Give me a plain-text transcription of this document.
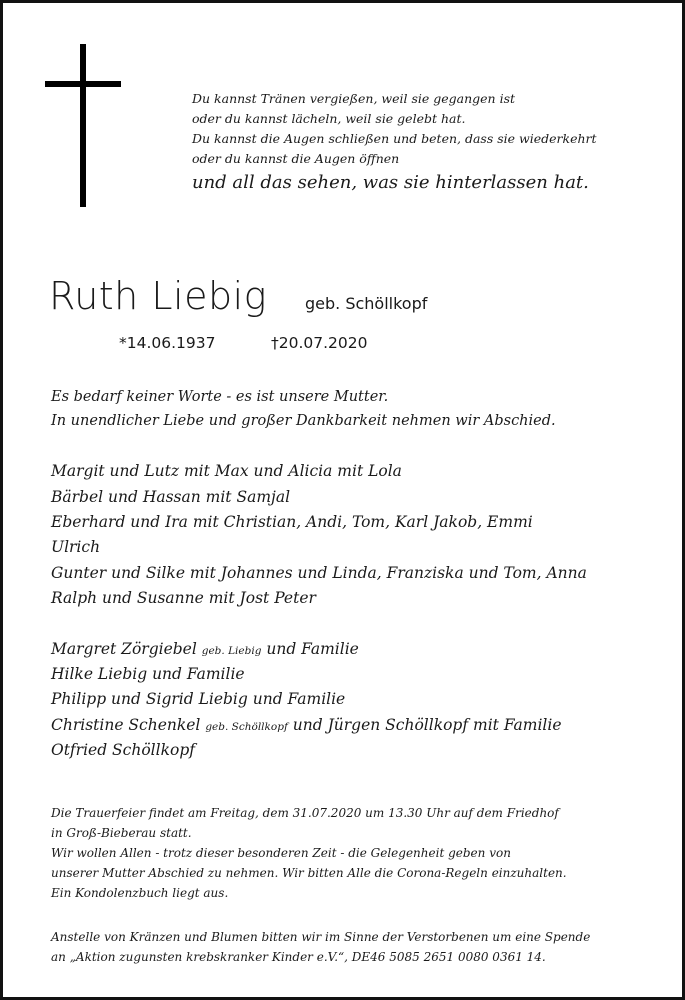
Du kannst Tränen vergießen, weil sie gegangen ist
oder du kannst lächeln, weil sie gelebt hat.
Du kannst die Augen schließen und beten, dass sie wiederkehrt
oder du kannst die Augen öffnen
und all das sehen, was sie hinterlassen hat.
Ruth Liebig geb. Schöllkopf
*14.06.1937	†20.07.2020
Es bedarf keiner Worte - es ist unsere Mutter.
In unendlicher Liebe und großer Dankbarkeit nehmen wir Abschied.
Margit und Lutz mit Max und Alicia mit Lola
Bärbel und Hassan mit Samjal
Eberhard und Ira mit Christian, Andi, Tom, Karl Jakob, Emmi
Ulrich
Gunter und Silke mit Johannes und Linda, Franziska und Tom, Anna
Ralph und Susanne mit Jost Peter
Margret Zörgiebel geb. Liebig und Familie
Hilke Liebig und Familie
Philipp und Sigrid Liebig und Familie
Christine Schenkel geb. Schöllkopf und Jürgen Schöllkopf mit Familie
Otfried Schöllkopf
Die Trauerfeier findet am Freitag, dem 31.07.2020 um 13.30 Uhr auf dem Friedhof
in Groß-Bieberau statt.
Wir wollen Allen - trotz dieser besonderen Zeit - die Gelegenheit geben von
unserer Mutter Abschied zu nehmen. Wir bitten Alle die Corona-Regeln einzuhalten.
Ein Kondolenzbuch liegt aus.
Anstelle von Kränzen und Blumen bitten wir im Sinne der Verstorbenen um eine Spende
an „Aktion zugunsten krebskranker Kinder e.V.“, DE46 5085 2651 0080 0361 14.
